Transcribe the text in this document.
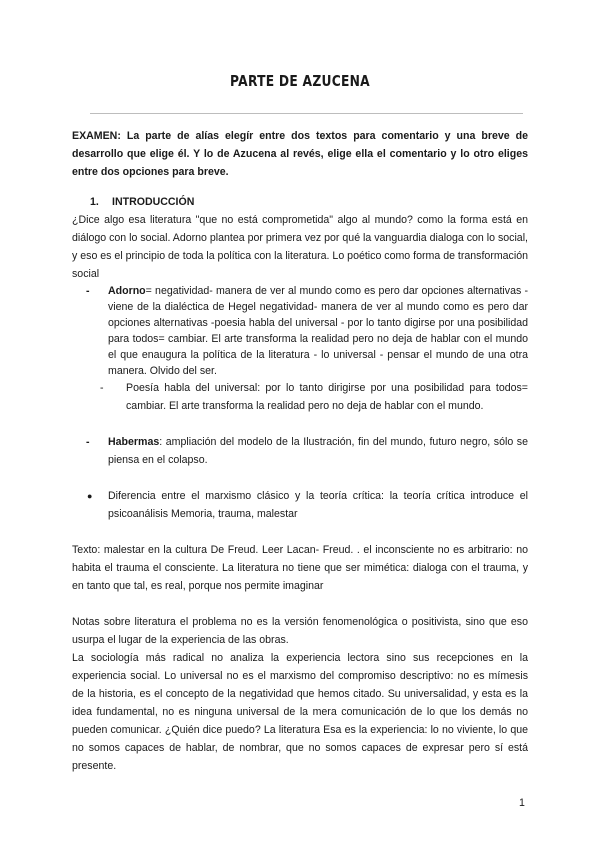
PARTE DE AZUCENA

EXAMEN: La parte de alías elegír entre dos textos para comentario y una breve de desarrollo que elige él. Y lo de Azucena al revés, elige ella el comentario y lo otro eliges entre dos opciones para breve.

1. INTRODUCCIÓN

¿Dice algo esa literatura "que no está comprometida" algo al mundo? como la forma está en diálogo con lo social. Adorno plantea por primera vez por qué la vanguardia dialoga con lo social, y eso es el principio de toda la política con la literatura. Lo poético como forma de transformación social

- Adorno= negatividad- manera de ver al mundo como es pero dar opciones alternativas - viene de la dialéctica de Hegel negatividad- manera de ver al mundo como es pero dar opciones alternativas -poesia habla del universal - por lo tanto digirse por una posibilidad para todos= cambiar. El arte transforma la realidad pero no deja de hablar con el mundo el que enaugura la política de la literatura - lo universal - pensar el mundo de una otra manera. Olvido del ser.
- Poesía habla del universal: por lo tanto dirigirse por una posibilidad para todos= cambiar. El arte transforma la realidad pero no deja de hablar con el mundo.
- Habermas: ampliación del modelo de la Ilustración, fin del mundo, futuro negro, sólo se piensa en el colapso.
● Diferencia entre el marxismo clásico y la teoría crítica: la teoría crítica introduce el psicoanálisis Memoria, trauma, malestar

Texto: malestar en la cultura De Freud. Leer Lacan- Freud. . el inconsciente no es arbitrario: no habita el trauma el consciente. La literatura no tiene que ser mimética: dialoga con el trauma, y en tanto que tal, es real, porque nos permite imaginar

Notas sobre literatura el problema no es la versión fenomenológica o positivista, sino que eso usurpa el lugar de la experiencia de las obras.

La sociología más radical no analiza la experiencia lectora sino sus recepciones en la experiencia social. Lo universal no es el marxismo del compromiso descriptivo: no es mímesis de la historia, es el concepto de la negatividad que hemos citado. Su universalidad, y esta es la idea fundamental, no es ninguna universal de la mera comunicación de lo que los demás no pueden comunicar. ¿Quién dice puedo? La literatura Esa es la experiencia: lo no viviente, lo que no somos capaces de hablar, de nombrar, que no somos capaces de expresar pero sí está presente.

1
